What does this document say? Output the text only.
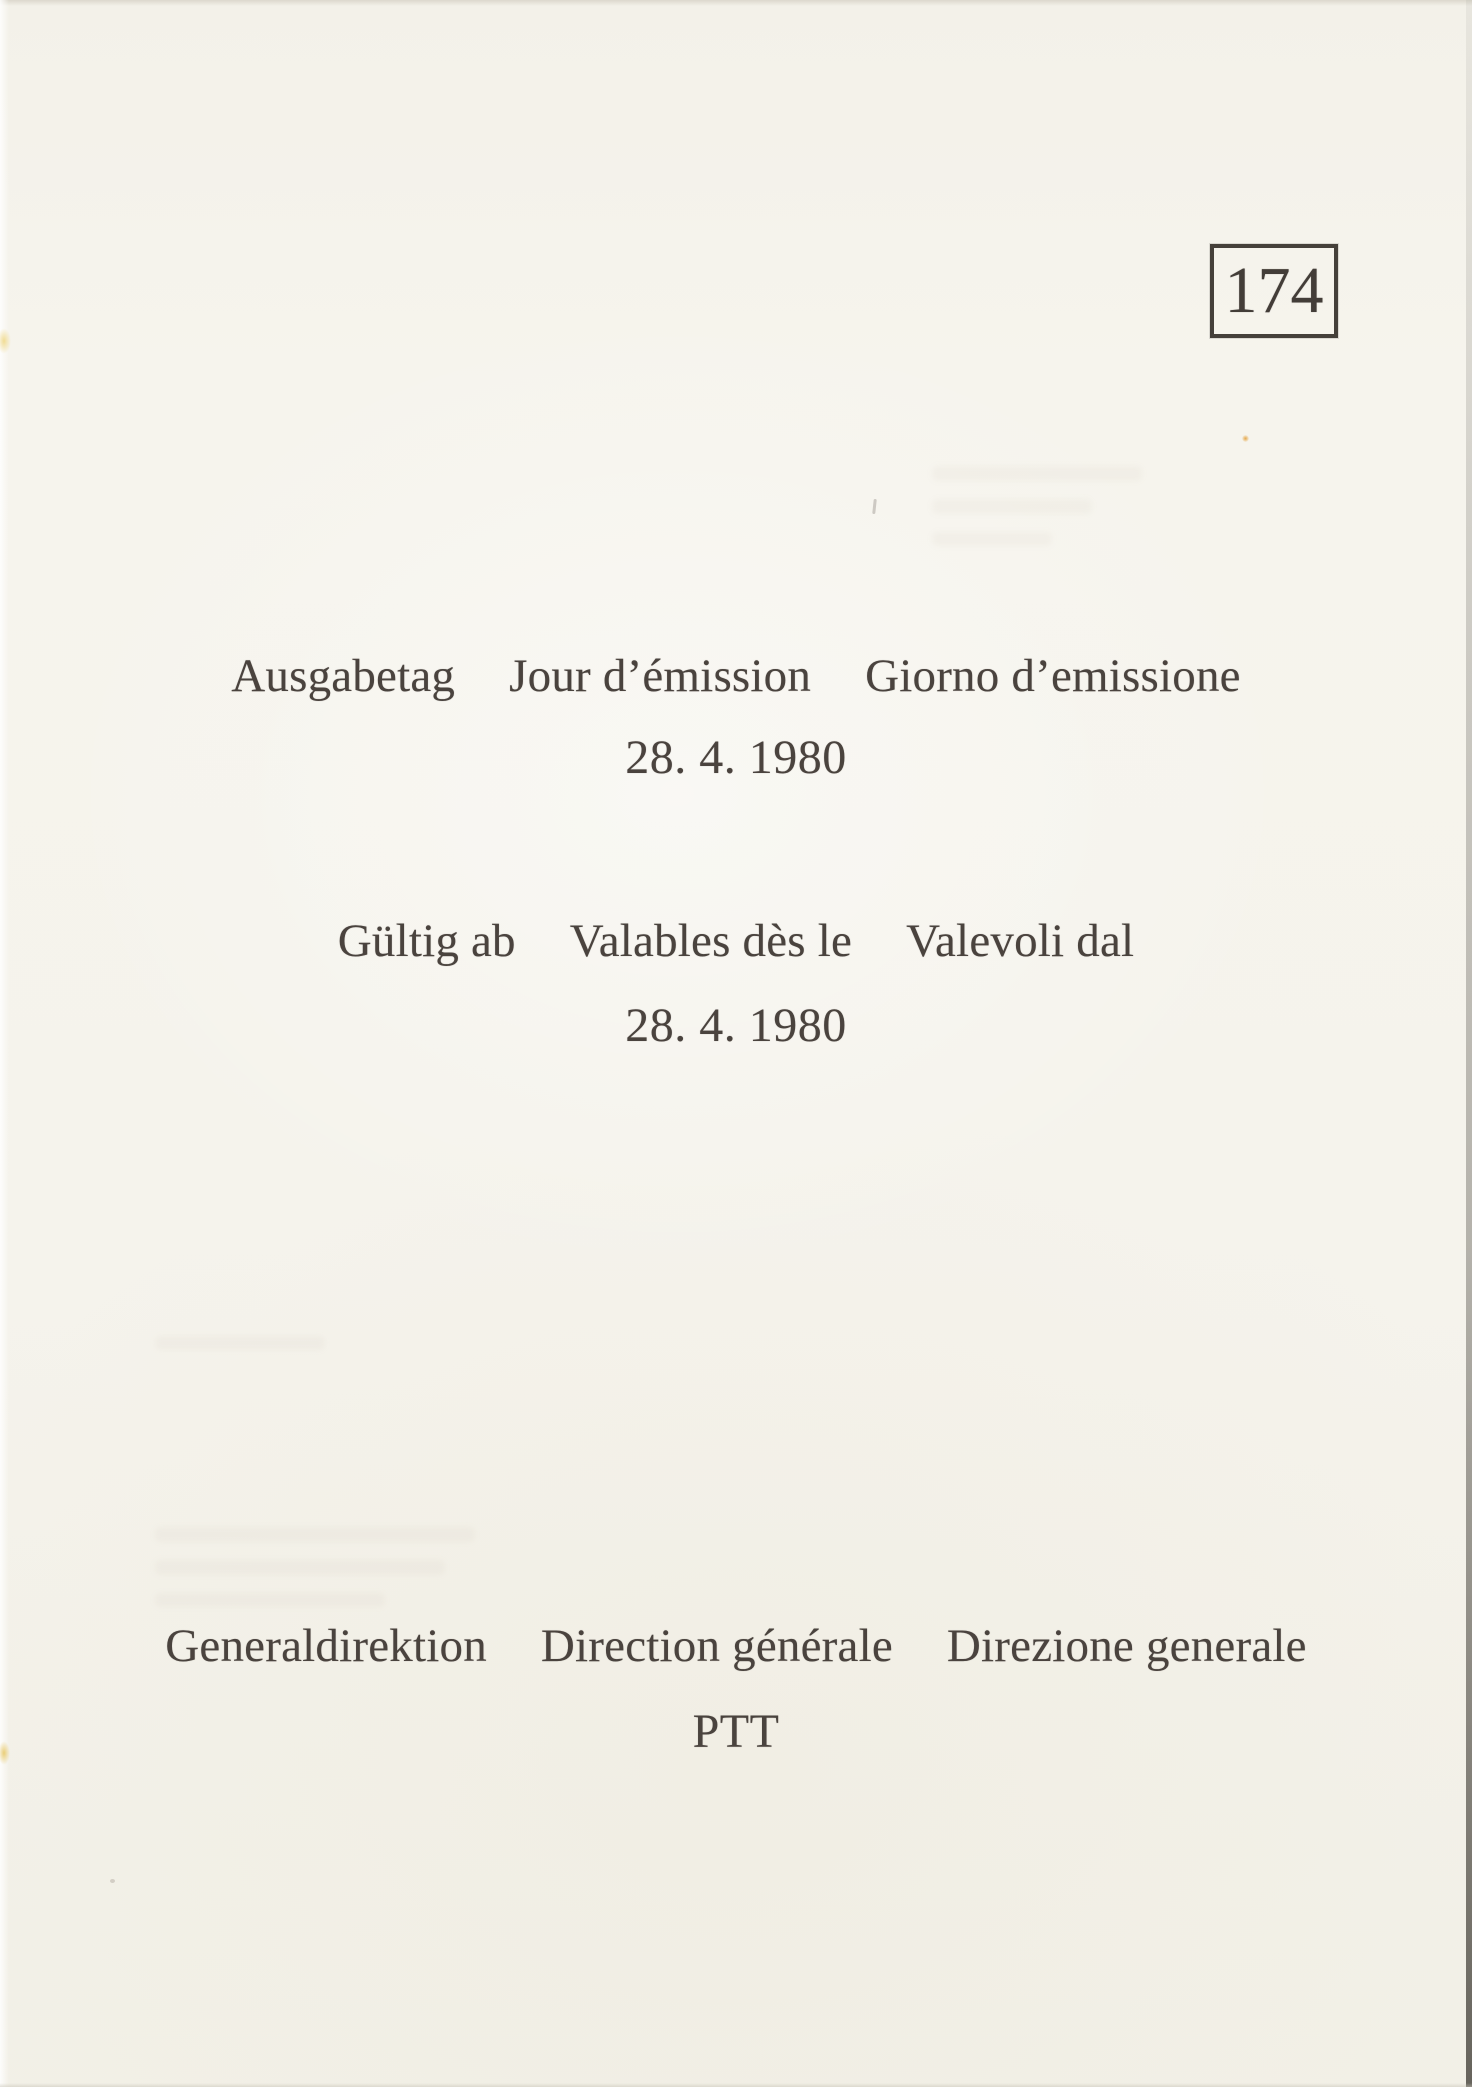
174
Ausgabetag Jour d’émission Giorno d’emissione
28. 4. 1980
Gültig ab Valables dès le Valevoli dal
28. 4. 1980
Generaldirektion Direction générale Direzione generale
PTT
